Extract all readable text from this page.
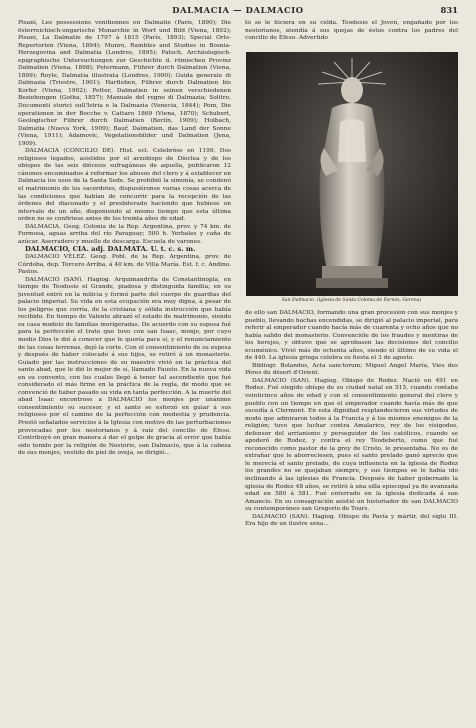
DALMACIA — DALMACIO	831

Pisani, Les possessions vénitiennes en Dalmatie (París, 1890); Die österreichisch-ungarische Monarchie in Wort und Bild (Viena, 1892); Pisani, La Dalmatie de 1797 à 1815 (París, 1893); Special Orts-Repertorien (Viena, 1894); Munro, Rambles and Studies in Bosnia-Herzegovina and Dalmatia (Londres, 1895); Patsch, Archäologisch-epigraphische Untersuchungen zur Geschichte d. römischen Provinz Dalmatien (Viena, 1898); Petermann, Führer durch Dalmatien (Viena, 1899); Royle, Dalmatia illustrata (Londres, 1900); Guida generale di Dalmazia (Triestre, 1901); Hartleben, Führer durch Dalmatien bis Korfer (Viena, 1902); Petter, Dalmatien in seinen verschiedenen Beziehungen (Gotha, 1857); Manuale del regno di Dalmazia; Solitro, Documenti storici sull'Istria e la Dalmazia (Venecia, 1844); Pom, Die operationen in der Bocche v. Cattaro 1869 (Viena, 1870); Schubert, Geologischer Führer durch Dalmatien (Berlín, 1909); Holbach, Dalmatia (Nueva York, 1909); Bauř, Dalmatien, das Land der Sonne (Viena, 1911); Adamovic, Vegetationsbilder und Dalmatien (Jena, 1909).

DALMACIA (CONCILIO DE). Hist. ecl. Celebróse en 1199. Dos religiosos legados, asistidos por el arzobispo de Dioclea y de los obispos de las seis diócesis sufragáneas de aquella, publicaron 12 cánones encaminados á reformar los abusos del clero y á establecer en Dalmacia los usos de la Santa Sede. Se prohibió la simonía, se condenó el matrimonio de los sacerdotes, dispusiéronse varias cosas acerca de las condiciones que habían de concurrir para la recepción de las órdenes del diaconado y el presbiterado haciendo que hubiese un intervalo de un año, disponiendo al mismo tiempo que esta última orden no se confiriese antes de los treinta años de edad.

DALMACIA. Geog. Colonia de la Rep. Argentina, prov. y 74 km. de Formosa, aguas arriba del río Paraguay; 500 h. Yerbales y caña de azúcar. Aserradero y muelle de descarga. Escuela de varones.

DALMACIO, CIA. adj. DALMATA. U. t. c. s. m.

DALMACIO VÉLEZ. Geog. Pobl. de la Rep. Argentina, prov. de Córdoba, dep. Tercero Arriba, á 40 km. de Villa María. Est. f. c. Andino. Pastos.

DALMACIO (SAN). Hagiog. Arquimandrita de Constantinopla, en tiempo de Teodosio el Grande, piadosa y distinguida familia; en su juventud entró en la milicia y formó parte del cuerpo de guardias del palacio imperial. Su vida en esta ocupación era muy digna, á pesar de los peligros que corría, de la cristiana y sólida instrucción que había recibido. En tiempo de Valente abrazó el estado de matrimonio, siendo su casa modelo de familias morigeradas. De acuerdo con su esposa fué para la perfección el trato que tuvo con san Isaac, monje, por cuyo medio Dios le dió á conocer que le quería para sí, y el renunciamiento de las cosas terrenas, dejó la corte. Con el consentimiento de su esposa y después de haber colocado á sus hijos, se retiró á un monasterio. Guiado por las instrucciones de su maestro vivió en la práctica del santo abad, que le dió lo mejor de sí, llamado Fausto. En la nueva vida en su convento, con los cuales llegó á tener tal ascendiente que fué considerado el más firme en la práctica de la regla, de modo que se convenció de haber pasado su vida en tanta perfección. A la muerte del abad Isaac encontrose a DALMACIO los monjes por unánime consentimiento su sucesor, y el santo se esforzó en guiar á sus religiosos por el camino de la perfección con modestia y prudencia. Prestó señalados servicios á la Iglesia con motivo de las perturbaciones provocadas por los nestorianos y á raíz del concilio de Éfeso. Contribuyó en gran manera á dar el golpe de gracia al error que había sido tenido por la religión de Nestorio, san Dalmacio, que á la cabeza de sus monjes, vestido de piel de oveja, se dirigió...

tó se le hiciera en su celda. Teodosio el Joven, engañado por los nestorianos, atendía á sus quejas de éstos contra los padres del concilio de Éfeso. Advertido

San Dalmacio. (Iglesia de Santa Coloma de Farnés, Gerona)

de ello san DALMACIO, formando una gran procesión con sus monjes y pueblo, llevando hachas encendidas, se dirigió al palacio imperial, para referir al emperador cuando hacía más de cuarenta y ocho años que no había salido del monasterio. Convencióle de los fraudes y mentiras de los herejes, y obtuvo que se aprobasen las decisiones del concilio ecuménico. Vivió más de ochenta años, siendo el último de su vida el de 440. La iglesia griega celebra su fiesta el 3 de agosto.

Bibliogr. Bolandos, Acta sanctorum; Miguel Angel María, Vies des Pères du désert d'Orient.

DALMACIO (SAN). Hagiog. Obispo de Rodez. Nació en 491 en Rodez. Fué elegido obispo de su ciudad natal en 515, cuando contaba veinticinco años de edad y con el consentimiento general del clero y pueblo con un tiempo en que el emperador cuando hacía más de que sucedía á Clermont. En esta dignidad resplandecieron sus virtudes de modo que admiraron todos á la Francia y á los mismos enemigos de la religión; tuvo que luchar contra Amalarico, rey de los visigodos, defensor del arrianismo y perseguidor de los católicos, cuando se apoderó de Rodez, y contra el rey Teodeberto, como que fué reconocido como pastor de la grey de Cristo, le presentaba. No es de extrañar que le aborreciesen, pues el santo prelado ganó aprecio que le merecía el santo prelado, de cuya influencia en la iglesia de Rodez los grandes no se quejaban siempre, y sus tiempos se le había ido inclinando á las iglesias de Francia. Después de haber gobernado la iglesia de Rodez 48 años, se retiró á una silla episcopal ya de avanzada edad en 580 á 581. Fué enterrado en la iglesia dedicada á san Amancio. En su consagración asistió un historiador de san DALMACIO su contemporáneo san Gregorio de Tours.

DALMACIO (SAN). Hagiog. Obispo de Pavía y mártir, del siglo III. Era hijo de un ilustre sena...
